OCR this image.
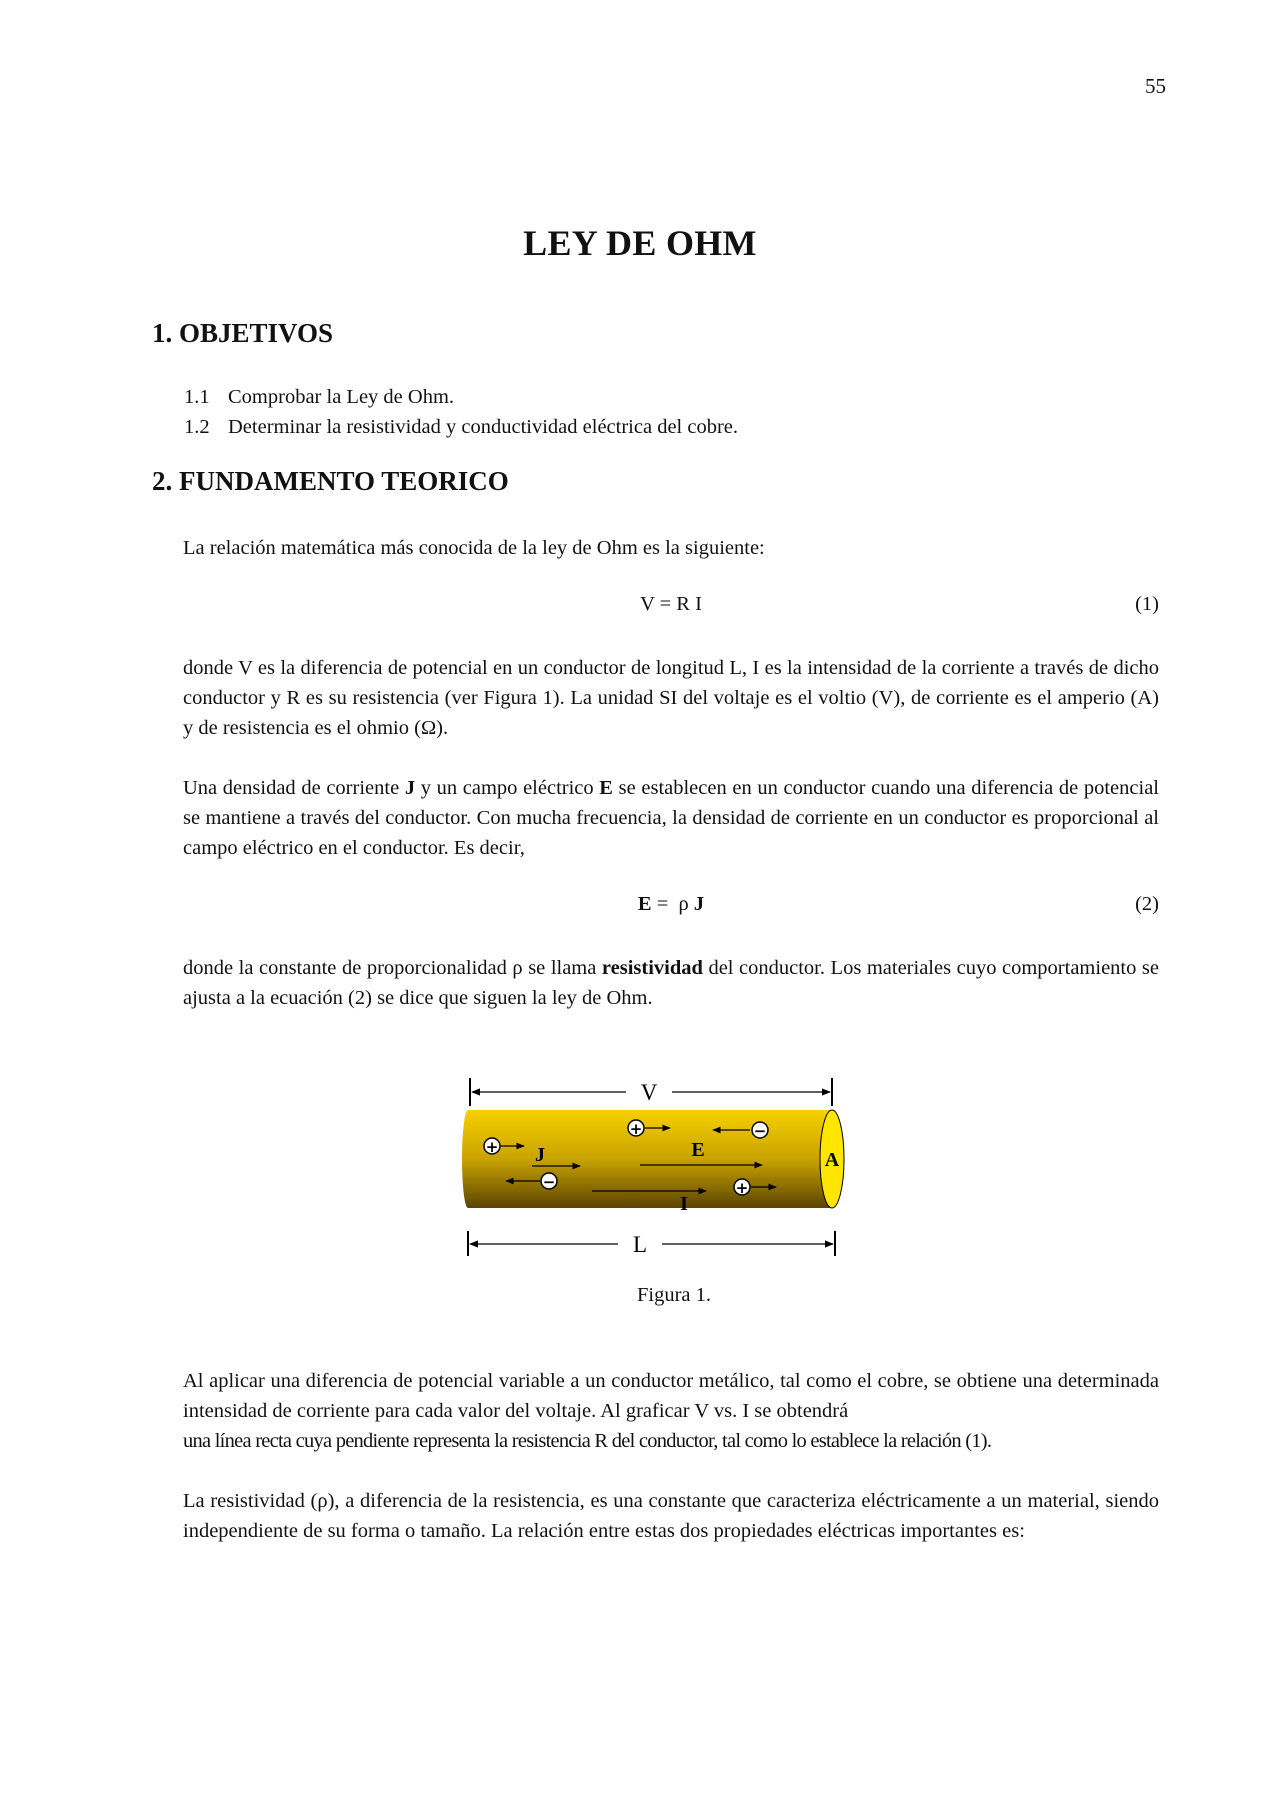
55
LEY DE OHM
1. OBJETIVOS
1.1 Comprobar la Ley de Ohm.
1.2 Determinar la resistividad y conductividad eléctrica del cobre.
2. FUNDAMENTO TEORICO

La relación matemática más conocida de la ley de Ohm es la siguiente:

V = R I	(1)

donde V es la diferencia de potencial en un conductor de longitud L, I es la intensidad de la corriente a través de dicho conductor y R es su resistencia (ver Figura 1). La unidad SI del voltaje es el voltio (V), de corriente es el amperio (A) y de resistencia es el ohmio (Ω).

Una densidad de corriente J y un campo eléctrico E se establecen en un conductor cuando una diferencia de potencial se mantiene a través del conductor. Con mucha frecuencia, la densidad de corriente en un conductor es proporcional al campo eléctrico en el conductor. Es decir,

E =  ρ J	(2)

donde la constante de proporcionalidad ρ se llama resistividad del conductor. Los materiales cuyo comportamiento se ajusta a la ecuación (2) se dice que siguen la ley de Ohm.

V
A
+ J
−
+
E
−
I
+
L
Figura 1.

Al aplicar una diferencia de potencial variable a un conductor metálico, tal como el cobre, se obtiene una determinada intensidad de corriente para cada valor del voltaje. Al graficar V vs. I se obtendrá
una línea recta cuya pendiente representa la resistencia R del conductor, tal como lo establece la relación (1).

La resistividad (ρ), a diferencia de la resistencia, es una constante que caracteriza eléctricamente a un material, siendo independiente de su forma o tamaño. La relación entre estas dos propiedades eléctricas importantes es:
